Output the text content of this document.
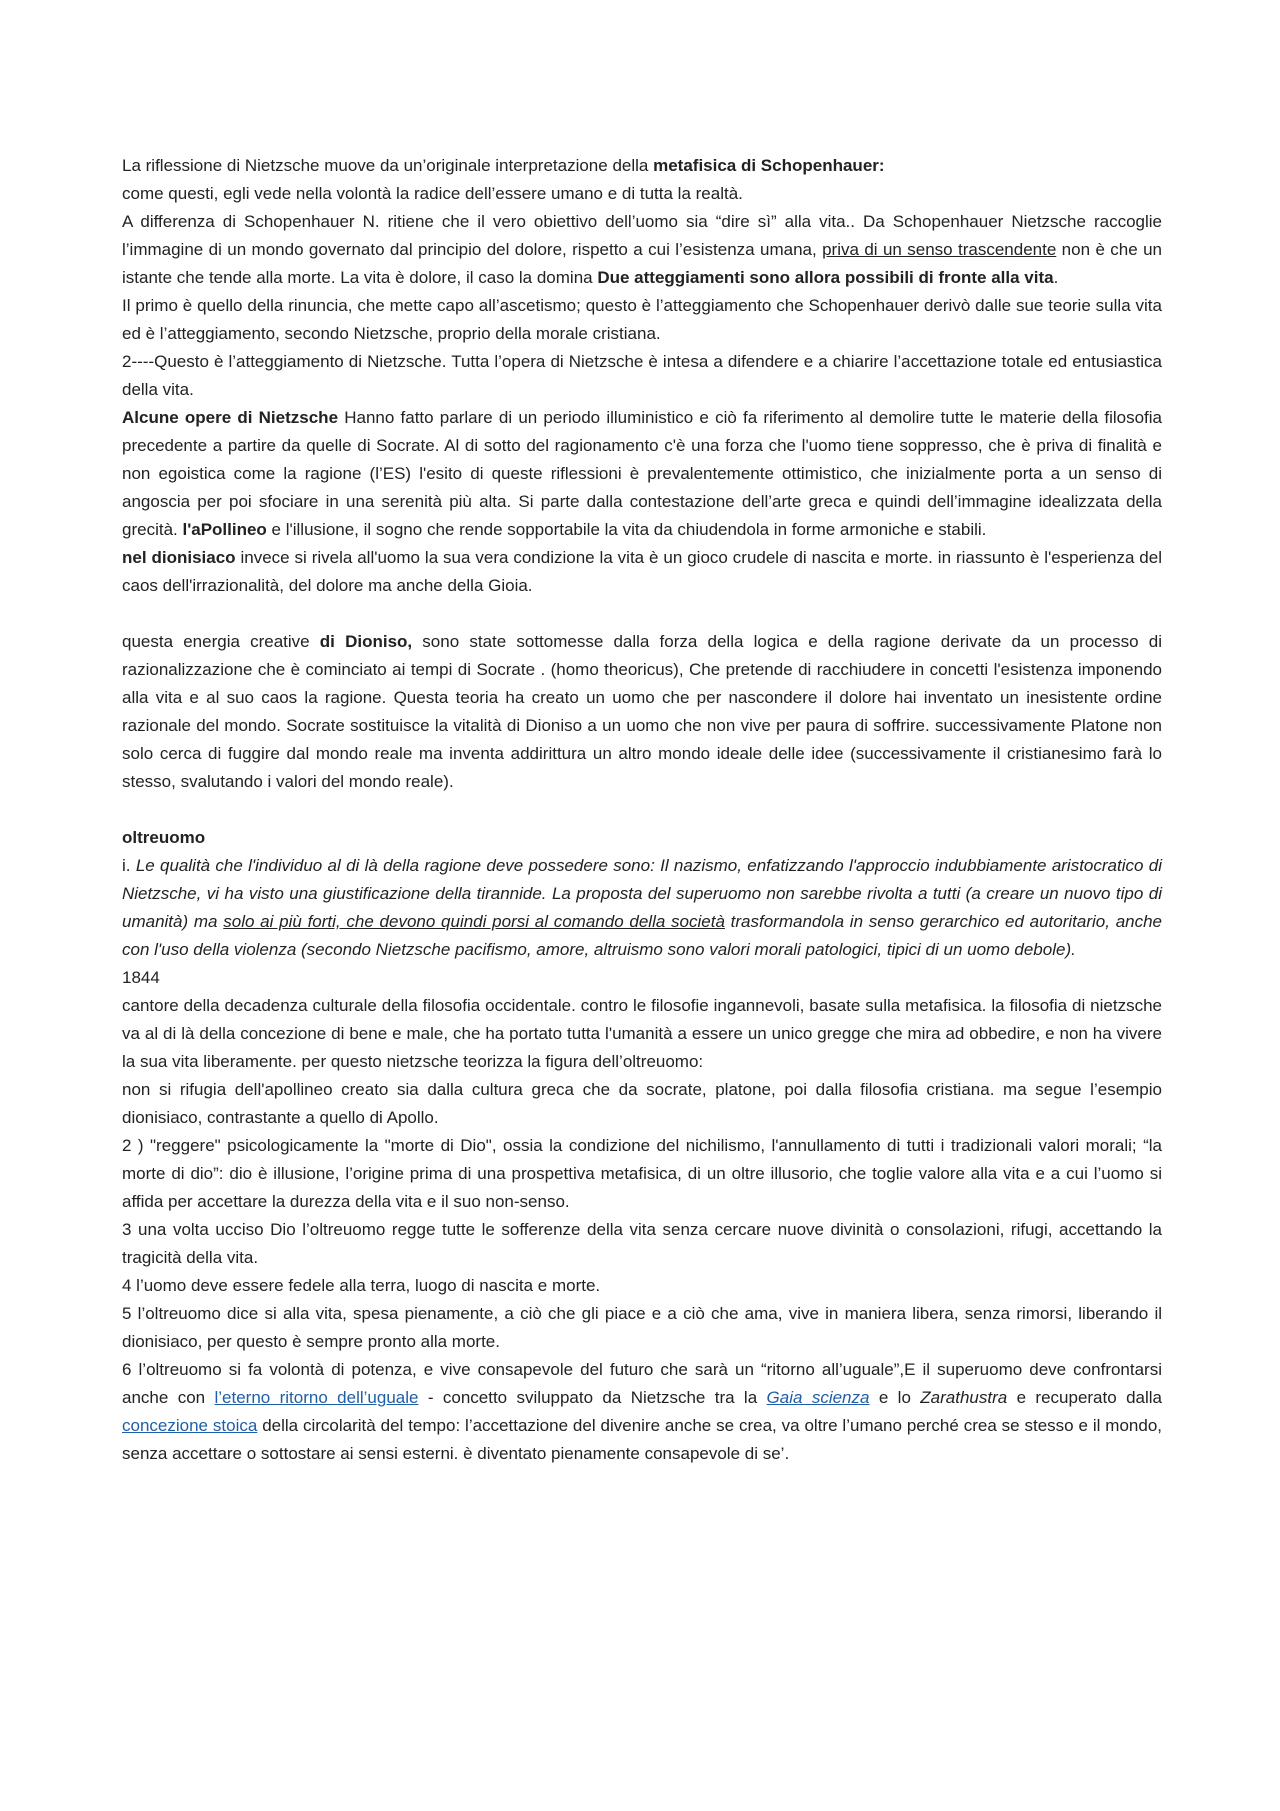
La riflessione di Nietzsche muove da un’originale interpretazione della metafisica di Schopenhauer:

come questi, egli vede nella volontà la radice dell’essere umano e di tutta la realtà.

A differenza di Schopenhauer N. ritiene che il vero obiettivo dell’uomo sia “dire sì” alla vita.. Da Schopenhauer Nietzsche raccoglie l’immagine di un mondo governato dal principio del dolore, rispetto a cui l’esistenza umana, priva di un senso trascendente non è che un istante che tende alla morte. La vita è dolore, il caso la domina Due atteggiamenti sono allora possibili di fronte alla vita.

Il primo è quello della rinuncia, che mette capo all’ascetismo; questo è l’atteggiamento che Schopenhauer derivò dalle sue teorie sulla vita ed è l’atteggiamento, secondo Nietzsche, proprio della morale cristiana.

2----Questo è l’atteggiamento di Nietzsche. Tutta l’opera di Nietzsche è intesa a difendere e a chiarire l’accettazione totale ed entusiastica della vita.

Alcune opere di Nietzsche Hanno fatto parlare di un periodo illuministico e ciò fa riferimento al demolire tutte le materie della filosofia precedente a partire da quelle di Socrate. Al di sotto del ragionamento c'è una forza che l'uomo tiene soppresso, che è priva di finalità e non egoistica come la ragione (l’ES) l'esito di queste riflessioni è prevalentemente ottimistico, che inizialmente porta a un senso di angoscia per poi sfociare in una serenità più alta. Si parte dalla contestazione dell’arte greca e quindi dell’immagine idealizzata della grecità. l'aPollineo e l'illusione, il sogno che rende sopportabile la vita da chiudendola in forme armoniche e stabili.

nel dionisiaco invece si rivela all'uomo la sua vera condizione la vita è un gioco crudele di nascita e morte. in riassunto è l'esperienza del caos dell'irrazionalità, del dolore ma anche della Gioia.

questa energia creative di Dioniso, sono state sottomesse dalla forza della logica e della ragione derivate da un processo di razionalizzazione che è cominciato ai tempi di Socrate . (homo theoricus), Che pretende di racchiudere in concetti l'esistenza imponendo alla vita e al suo caos la ragione. Questa teoria ha creato un uomo che per nascondere il dolore hai inventato un inesistente ordine razionale del mondo. Socrate sostituisce la vitalità di Dioniso a un uomo che non vive per paura di soffrire. successivamente Platone non solo cerca di fuggire dal mondo reale ma inventa addirittura un altro mondo ideale delle idee (successivamente il cristianesimo farà lo stesso, svalutando i valori del mondo reale).

oltreuomo

i. Le qualità che l'individuo al di là della ragione deve possedere sono: Il nazismo, enfatizzando l'approccio indubbiamente aristocratico di Nietzsche, vi ha visto una giustificazione della tirannide. La proposta del superuomo non sarebbe rivolta a tutti (a creare un nuovo tipo di umanità) ma solo ai più forti, che devono quindi porsi al comando della società trasformandola in senso gerarchico ed autoritario, anche con l'uso della violenza (secondo Nietzsche pacifismo, amore, altruismo sono valori morali patologici, tipici di un uomo debole).

1844

cantore della decadenza culturale della filosofia occidentale. contro le filosofie ingannevoli, basate sulla metafisica. la filosofia di nietzsche va al di là della concezione di bene e male, che ha portato tutta l'umanità a essere un unico gregge che mira ad obbedire, e non ha vivere la sua vita liberamente. per questo nietzsche teorizza la figura dell’oltreuomo:

non si rifugia dell'apollineo creato sia dalla cultura greca che da socrate, platone, poi dalla filosofia cristiana. ma segue l’esempio dionisiaco, contrastante a quello di Apollo.

2 ) "reggere" psicologicamente la "morte di Dio", ossia la condizione del nichilismo, l'annullamento di tutti i tradizionali valori morali; “la morte di dio”: dio è illusione, l’origine prima di una prospettiva metafisica, di un oltre illusorio, che toglie valore alla vita e a cui l’uomo si affida per accettare la durezza della vita e il suo non-senso.

3 una volta ucciso Dio l’oltreuomo regge tutte le sofferenze della vita senza cercare nuove divinità o consolazioni, rifugi, accettando la tragicità della vita.

4 l’uomo deve essere fedele alla terra, luogo di nascita e morte.

5 l’oltreuomo dice si alla vita, spesa pienamente, a ciò che gli piace e a ciò che ama, vive in maniera libera, senza rimorsi, liberando il dionisiaco, per questo è sempre pronto alla morte.

6 l’oltreuomo si fa volontà di potenza, e vive consapevole del futuro che sarà un “ritorno all’uguale”,E il superuomo deve confrontarsi anche con l’eterno ritorno dell’uguale - concetto sviluppato da Nietzsche tra la Gaia scienza e lo Zarathustra e recuperato dalla concezione stoica della circolarità del tempo: l’accettazione del divenire anche se crea, va oltre l’umano perché crea se stesso e il mondo, senza accettare o sottostare ai sensi esterni. è diventato pienamente consapevole di se’.
